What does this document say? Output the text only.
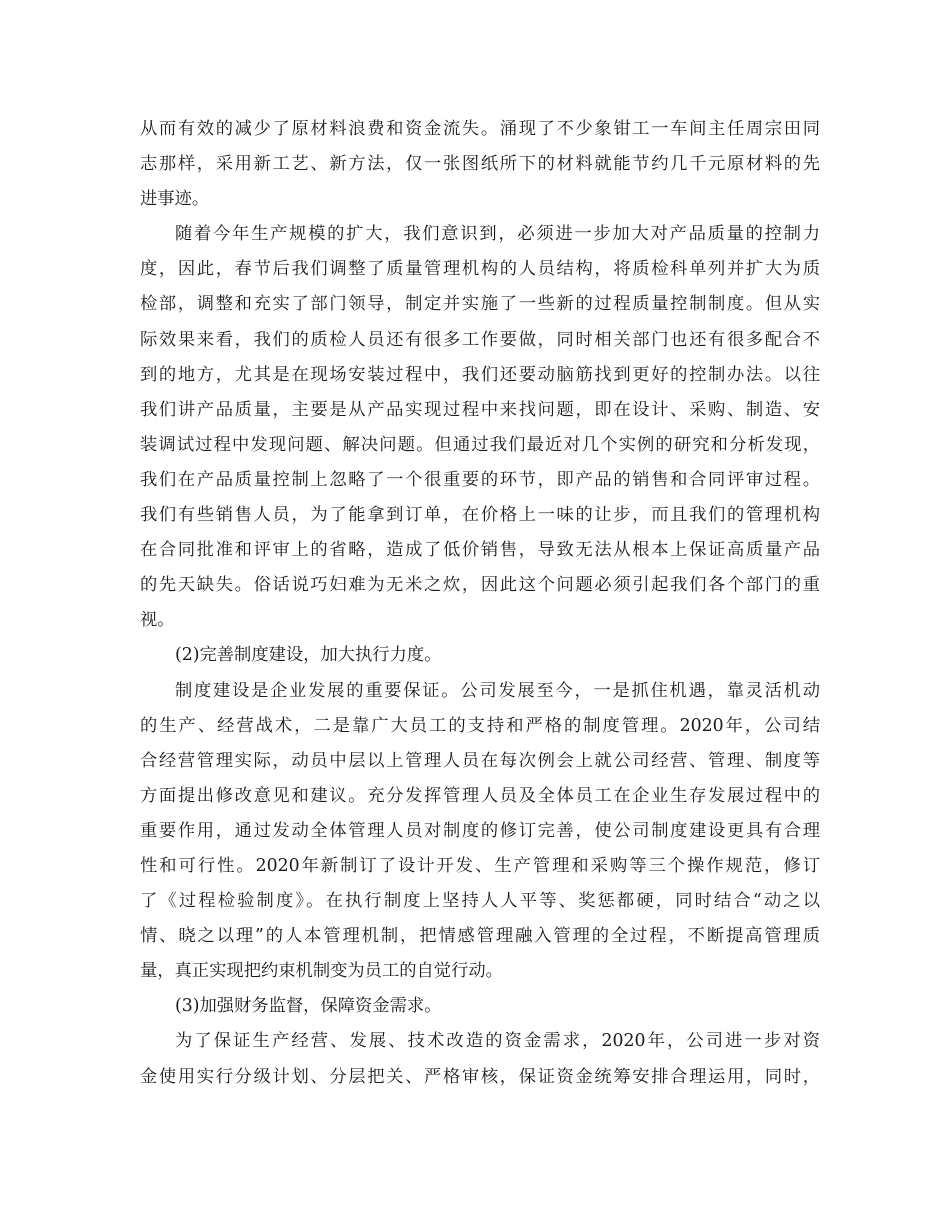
从而有效的减少了原材料浪费和资金流失。涌现了不少象钳工一车间主任周宗田同
志那样，采用新工艺、新方法，仅一张图纸所下的材料就能节约几千元原材料的先
进事迹。
随着今年生产规模的扩大，我们意识到，必须进一步加大对产品质量的控制力
度，因此，春节后我们调整了质量管理机构的人员结构，将质检科单列并扩大为质
检部，调整和充实了部门领导，制定并实施了一些新的过程质量控制制度。但从实
际效果来看，我们的质检人员还有很多工作要做，同时相关部门也还有很多配合不
到的地方，尤其是在现场安装过程中，我们还要动脑筋找到更好的控制办法。以往
我们讲产品质量，主要是从产品实现过程中来找问题，即在设计、采购、制造、安
装调试过程中发现问题、解决问题。但通过我们最近对几个实例的研究和分析发现，
我们在产品质量控制上忽略了一个很重要的环节，即产品的销售和合同评审过程。
我们有些销售人员，为了能拿到订单，在价格上一味的让步，而且我们的管理机构
在合同批准和评审上的省略，造成了低价销售，导致无法从根本上保证高质量产品
的先天缺失。俗话说巧妇难为无米之炊，因此这个问题必须引起我们各个部门的重
视。
(2)完善制度建设，加大执行力度。
制度建设是企业发展的重要保证。公司发展至今，一是抓住机遇，靠灵活机动
的生产、经营战术，二是靠广大员工的支持和严格的制度管理。2020年，公司结
合经营管理实际，动员中层以上管理人员在每次例会上就公司经营、管理、制度等
方面提出修改意见和建议。充分发挥管理人员及全体员工在企业生存发展过程中的
重要作用，通过发动全体管理人员对制度的修订完善，使公司制度建设更具有合理
性和可行性。2020年新制订了设计开发、生产管理和采购等三个操作规范，修订
了《过程检验制度》。在执行制度上坚持人人平等、奖惩都硬，同时结合“动之以
情、晓之以理”的人本管理机制，把情感管理融入管理的全过程，不断提高管理质
量，真正实现把约束机制变为员工的自觉行动。
(3)加强财务监督，保障资金需求。
为了保证生产经营、发展、技术改造的资金需求，2020年，公司进一步对资
金使用实行分级计划、分层把关、严格审核，保证资金统筹安排合理运用，同时，
